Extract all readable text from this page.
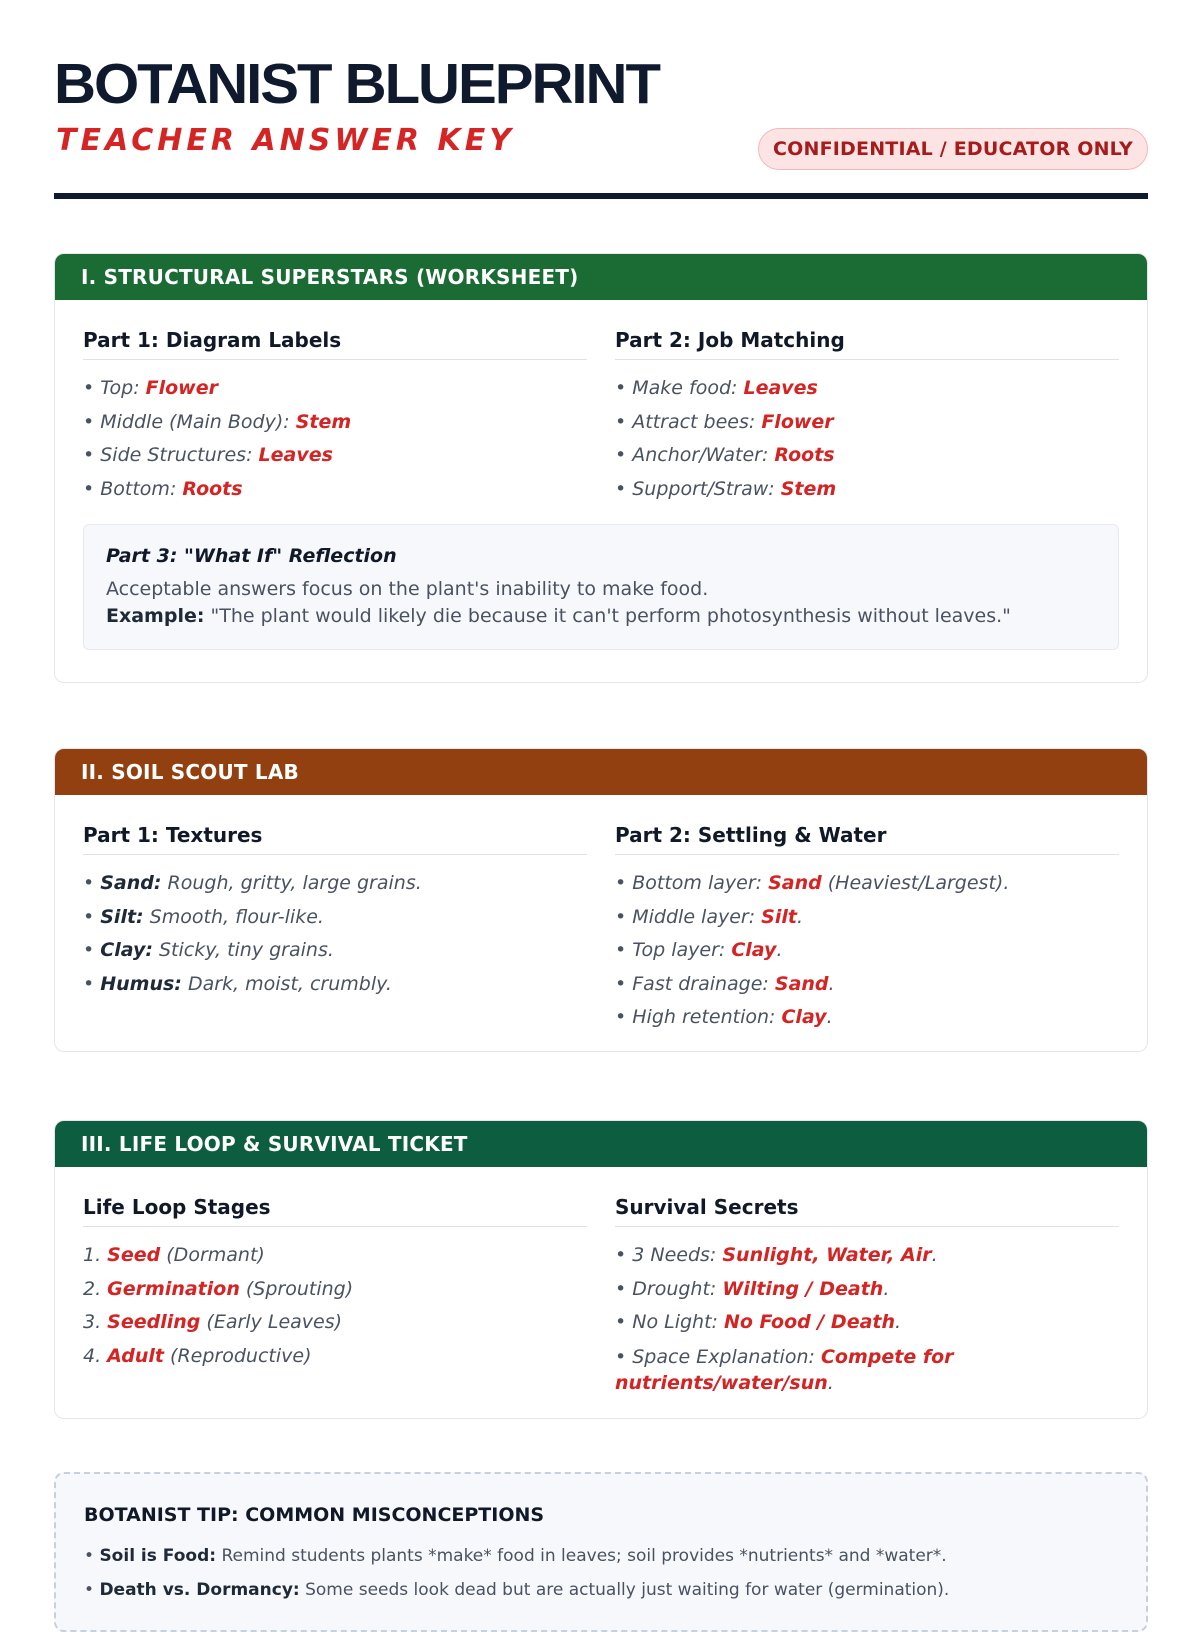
BOTANIST BLUEPRINT
TEACHER ANSWER KEY	CONFIDENTIAL / EDUCATOR ONLY
I. STRUCTURAL SUPERSTARS (WORKSHEET)
Part 1: Diagram Labels
• Top: Flower
• Middle (Main Body): Stem
• Side Structures: Leaves
• Bottom: Roots
Part 2: Job Matching
• Make food: Leaves
• Attract bees: Flower
• Anchor/Water: Roots
• Support/Straw: Stem
Part 3: "What If" Reflection
Acceptable answers focus on the plant's inability to make food.
Example: "The plant would likely die because it can't perform photosynthesis without leaves."
II. SOIL SCOUT LAB
Part 1: Textures
• Sand: Rough, gritty, large grains.
• Silt: Smooth, flour-like.
• Clay: Sticky, tiny grains.
• Humus: Dark, moist, crumbly.
Part 2: Settling & Water
• Bottom layer: Sand (Heaviest/Largest).
• Middle layer: Silt.
• Top layer: Clay.
• Fast drainage: Sand.
• High retention: Clay.
III. LIFE LOOP & SURVIVAL TICKET
Life Loop Stages
1. Seed (Dormant)
2. Germination (Sprouting)
3. Seedling (Early Leaves)
4. Adult (Reproductive)
Survival Secrets
• 3 Needs: Sunlight, Water, Air.
• Drought: Wilting / Death.
• No Light: No Food / Death.
• Space Explanation: Compete for nutrients/water/sun.
BOTANIST TIP: COMMON MISCONCEPTIONS
• Soil is Food: Remind students plants *make* food in leaves; soil provides *nutrients* and *water*.
• Death vs. Dormancy: Some seeds look dead but are actually just waiting for water (germination).
